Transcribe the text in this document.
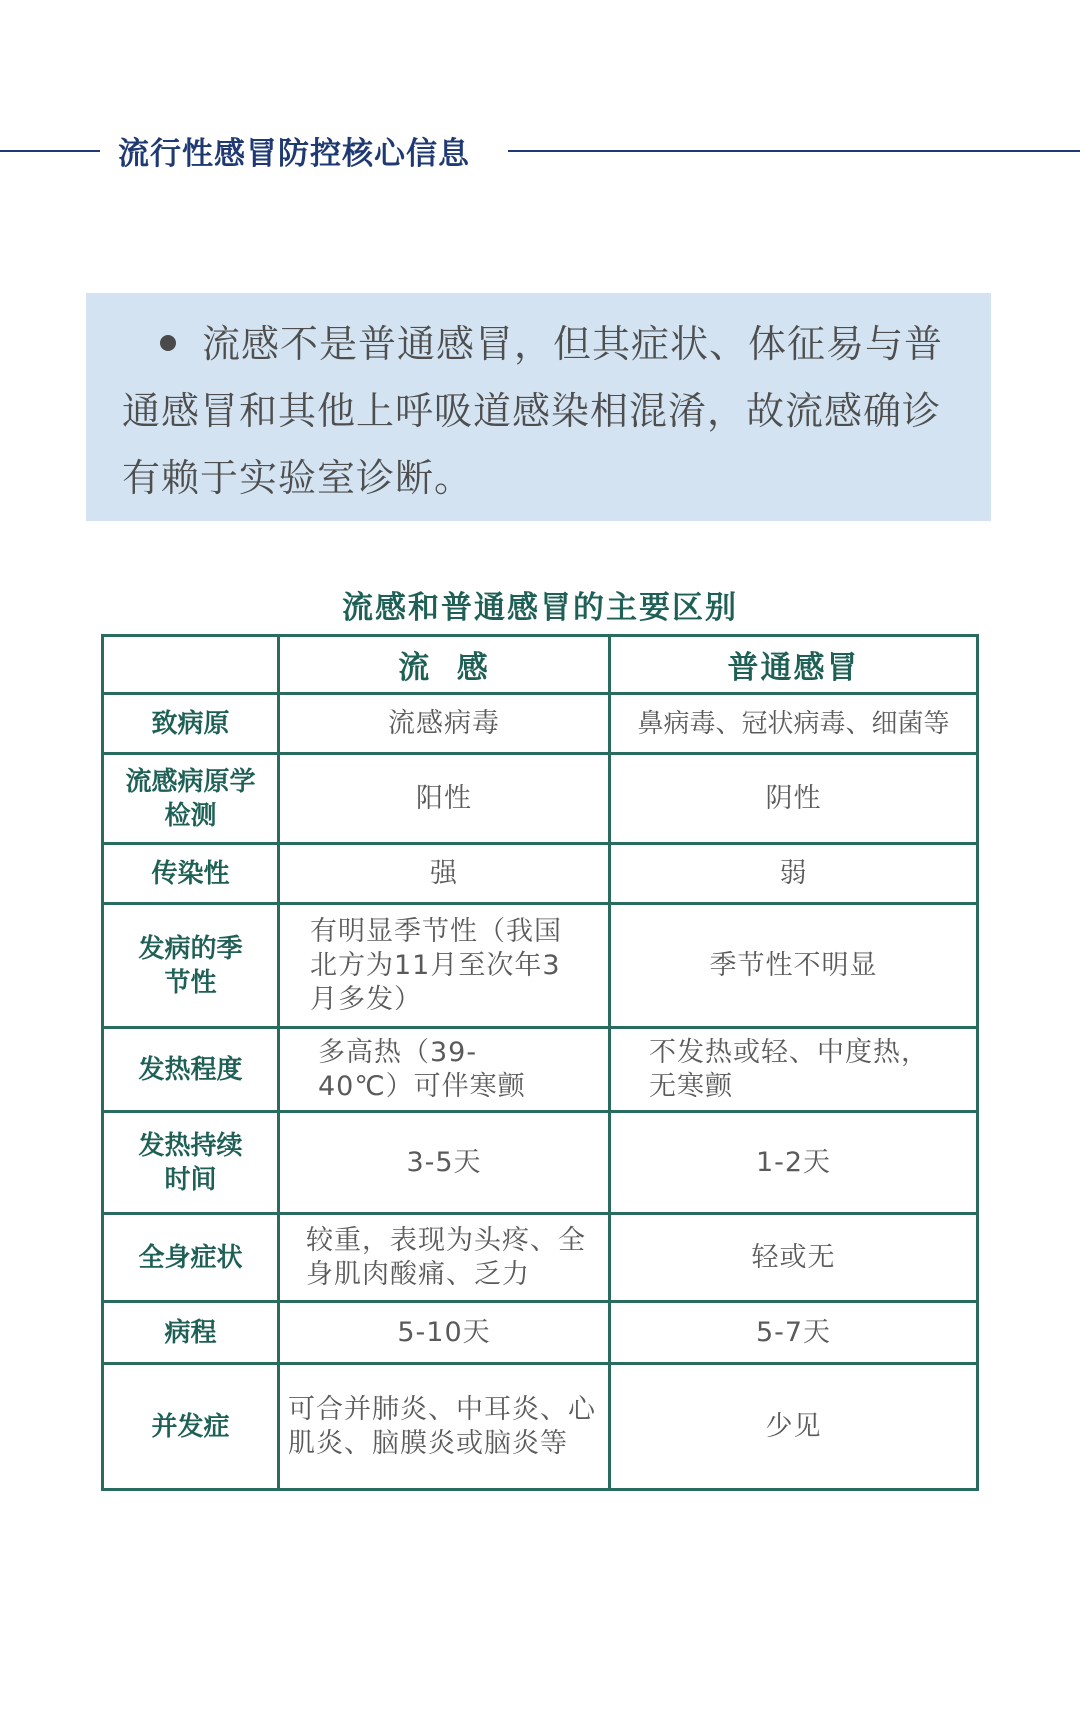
流行性感冒防控核心信息
流感不是普通感冒，但其症状、体征易与普通感冒和其他上呼吸道感染相混淆，故流感确诊有赖于实验室诊断。
流感和普通感冒的主要区别
	流  感	普通感冒
致病原	流感病毒	鼻病毒、冠状病毒、细菌等
流感病原学检测	阳性	阴性
传染性	强	弱
发病的季节性	有明显季节性（我国北方为11月至次年3月多发）	季节性不明显
发热程度	多高热（39-40℃）可伴寒颤	不发热或轻、中度热，无寒颤
发热持续时间	3-5天	1-2天
全身症状	较重，表现为头疼、全身肌肉酸痛、乏力	轻或无
病程	5-10天	5-7天
并发症	可合并肺炎、中耳炎、心肌炎、脑膜炎或脑炎等	少见
